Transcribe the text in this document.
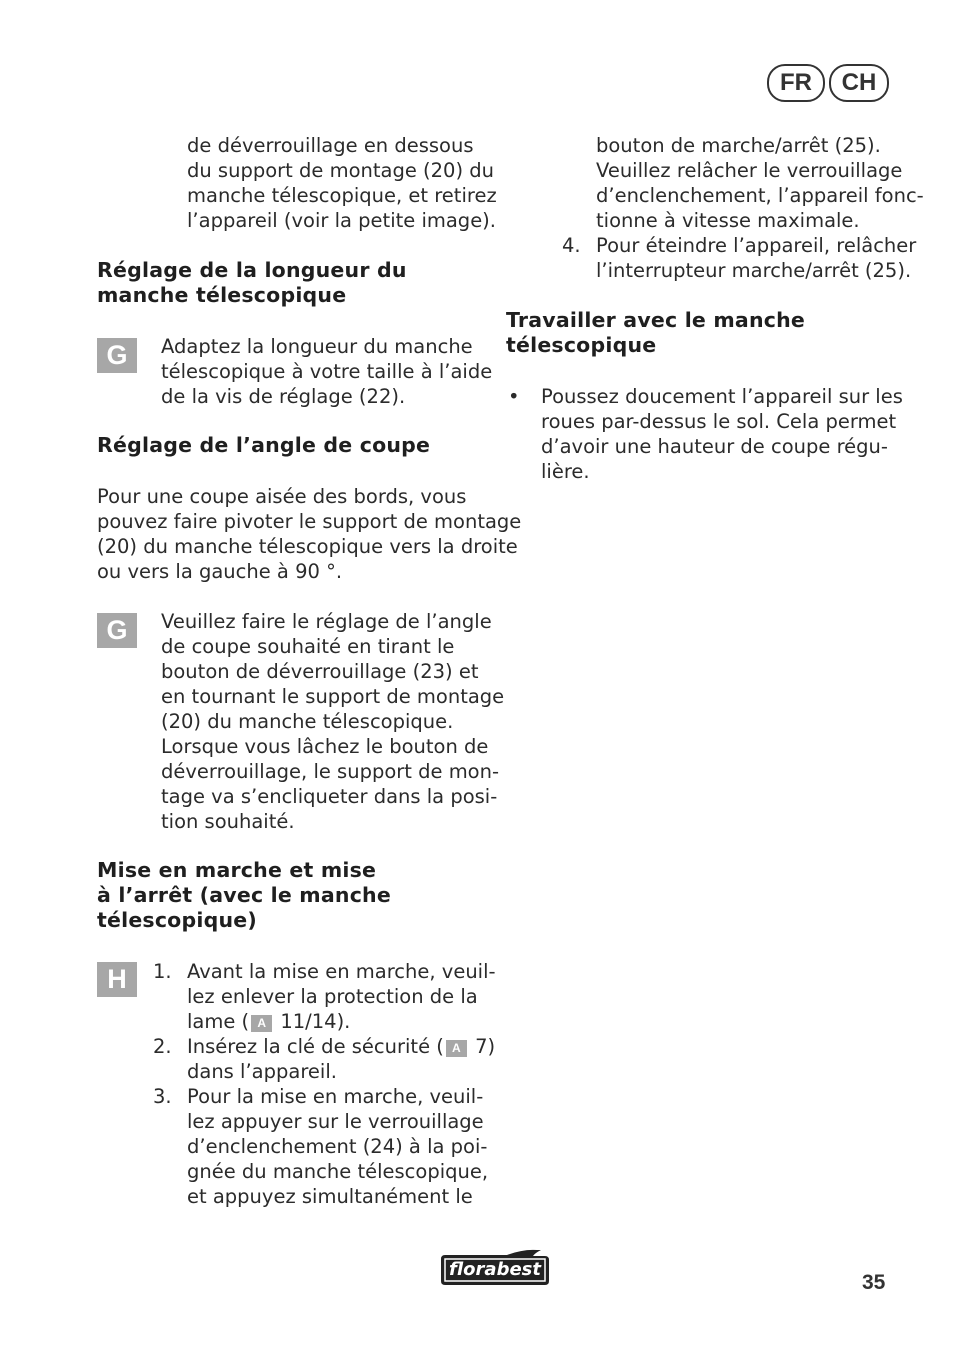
FR	CH
de déverrouillage en dessous
du support de montage (20) du
manche télescopique, et retirez
l’appareil (voir la petite image).
Réglage de la longueur du
manche télescopique
G	Adaptez la longueur du manche
télescopique à votre taille à l’aide
de la vis de réglage (22).
Réglage de l’angle de coupe
Pour une coupe aisée des bords, vous
pouvez faire pivoter le support de montage
(20) du manche télescopique vers la droite
ou vers la gauche à 90 °.
G	Veuillez faire le réglage de l’angle
de coupe souhaité en tirant le
bouton de déverrouillage (23) et
en tournant le support de montage
(20) du manche télescopique.
Lorsque vous lâchez le bouton de
déverrouillage, le support de mon-
tage va s’encliqueter dans la posi-
tion souhaité.
Mise en marche et mise
à l’arrêt (avec le manche
télescopique)
H	1. Avant la mise en marche, veuil-
lez enlever la protection de la
lame ( A 11/14).
2. Insérez la clé de sécurité ( A 7)
dans l’appareil.
3. Pour la mise en marche, veuil-
lez appuyer sur le verrouillage
d’enclenchement (24) à la poi-
gnée du manche télescopique,
et appuyez simultanément le
bouton de marche/arrêt (25).
Veuillez relâcher le verrouillage
d’enclenchement, l’appareil fonc-
tionne à vitesse maximale.
4. Pour éteindre l’appareil, relâcher
l’interrupteur marche/arrêt (25).
Travailler avec le manche
télescopique
• Poussez doucement l’appareil sur les
roues par-dessus le sol. Cela permet
d’avoir une hauteur de coupe régu-
lière.
florabest
35
